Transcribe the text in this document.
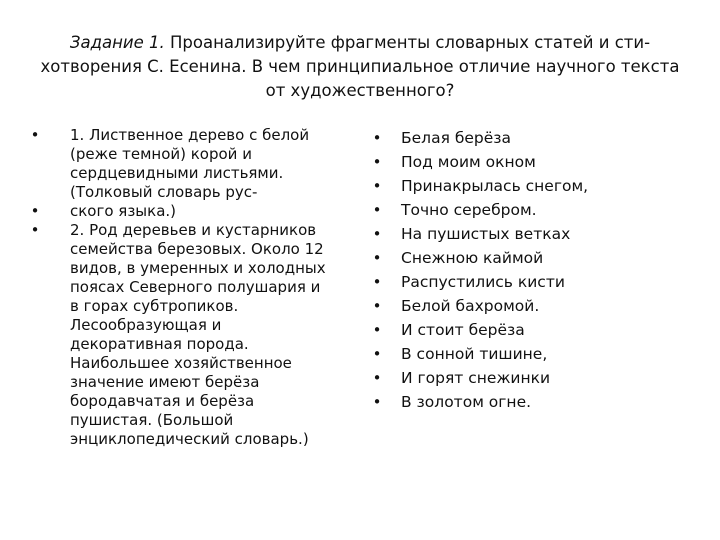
Задание 1. Проанализируйте фрагменты словарных статей и сти-
хотворения С. Есенина. В чем принципиальное отличие научного текста
от художественного?
• 1. Лиственное дерево с белой
(реже темной) корой и
сердцевидными листьями.
(Толковый словарь рус-
• ского языка.)
• 2. Род деревьев и кустарников
семейства березовых. Около 12
видов, в умеренных и холодных
поясах Северного полушария и
в горах субтропиков.
Лесообразующая и
декоративная порода.
Наибольшее хозяйственное
значение имеют берёза
бородавчатая и берёза
пушистая. (Большой
энциклопедический словарь.)
• Белая берёза
• Под моим окном
• Принакрылась снегом,
• Точно серебром.
• На пушистых ветках
• Снежною каймой
• Распустились кисти
• Белой бахромой.
• И стоит берёза
• В сонной тишине,
• И горят снежинки
• В золотом огне.
